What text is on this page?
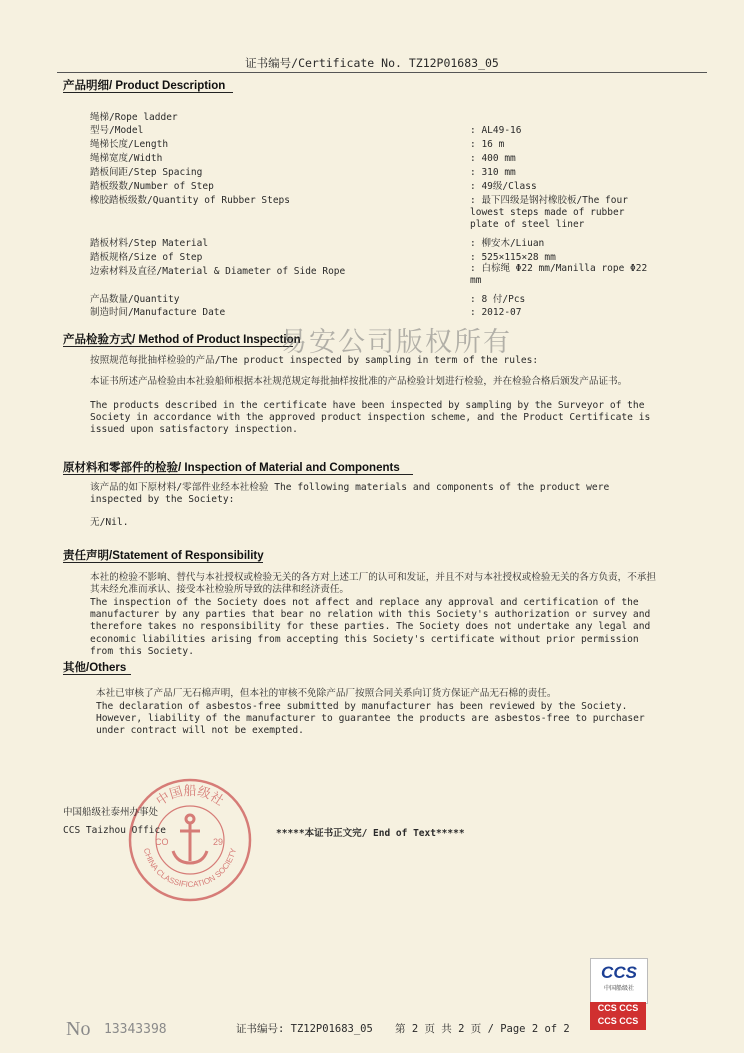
证书编号/Certificate No. TZ12P01683_05
产品明细/ Product Description
绳梯/Rope ladder
型号/Model	: AL49-16
绳梯长度/Length	: 16 m
绳梯宽度/Width	: 400 mm
踏板间距/Step Spacing	: 310 mm
踏板级数/Number of Step	: 49级/Class
橡胶踏板级数/Quantity of Rubber Steps	: 最下四级是钢衬橡胶板/The four lowest steps made of rubber plate of steel liner
踏板材料/Step Material	: 柳安木/Liuan
踏板规格/Size of Step	: 525×115×28 mm
边索材料及直径/Material & Diameter of Side Rope	: 白棕绳 Φ22 mm/Manilla rope Φ22 mm
产品数量/Quantity	: 8 付/Pcs
制造时间/Manufacture Date	: 2012-07
产品检验方式/ Method of Product Inspection
易安公司版权所有
按照规范每批抽样检验的产品/The product inspected by sampling in term of the rules:
本证书所述产品检验由本社验船师根据本社规范规定每批抽样按批准的产品检验计划进行检验，并在检验合格后颁发产品证书。
The products described in the certificate have been inspected by sampling by the Surveyor of the Society in accordance with the approved product inspection scheme, and the Product Certificate is issued upon satisfactory inspection.
原材料和零部件的检验/ Inspection of Material and Components
该产品的如下原材料/零部件业经本社检验 The following materials and components of the product were inspected by the Society:
无/Nil.
责任声明/Statement of Responsibility
本社的检验不影响、替代与本社授权或检验无关的各方对上述工厂的认可和发证，并且不对与本社授权或检验无关的各方负责，不承担其未经允准而承认、接受本社检验所导致的法律和经济责任。
The inspection of the Society does not affect and replace any approval and certification of the manufacturer by any parties that bear no relation with this Society's authorization or survey and therefore takes no responsibility for these parties. The Society does not undertake any legal and economic liabilities arising from accepting this Society's certificate without prior permission from this Society.
其他/Others
本社已审核了产品厂无石棉声明，但本社的审核不免除产品厂按照合同关系向订货方保证产品无石棉的责任。
The declaration of asbestos-free submitted by manufacturer has been reviewed by the Society. However, liability of the manufacturer to guarantee the products are asbestos-free to purchaser under contract will not be exempted.
中国船级社
CHINA CLASSIFICATION SOCIETY
CO	29
中国船级社泰州办事处
CCS Taizhou Office	*****本证书正文完/ End of Text*****
CCS
中国船级社
CCS CCS
CCS CCS
No 13343398	证书编号: TZ12P01683_05 第 2 页 共 2 页 / Page 2 of 2
